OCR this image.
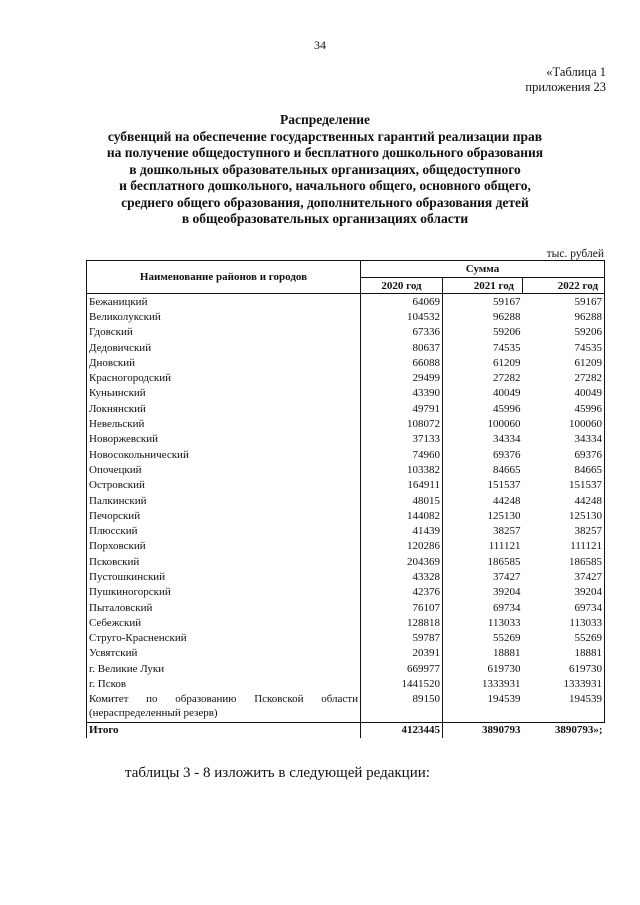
34
«Таблица 1
приложения 23
Распределение
субвенций на обеспечение государственных гарантий реализации прав
на получение общедоступного и бесплатного дошкольного образования
в дошкольных образовательных организациях, общедоступного
и бесплатного дошкольного, начального общего, основного общего,
среднего общего образования, дополнительного образования детей
в общеобразовательных организациях области
тыс. рублей
Наименование районов и городов	Сумма		
	2020 год	2021 год	2022 год
Бежаницкий	64069	59167	59167
Великолукский	104532	96288	96288
Гдовский	67336	59206	59206
Дедовичский	80637	74535	74535
Дновский	66088	61209	61209
Красногородский	29499	27282	27282
Куньинский	43390	40049	40049
Локнянский	49791	45996	45996
Невельский	108072	100060	100060
Новоржевский	37133	34334	34334
Новосокольнический	74960	69376	69376
Опочецкий	103382	84665	84665
Островский	164911	151537	151537
Палкинский	48015	44248	44248
Печорский	144082	125130	125130
Плюсский	41439	38257	38257
Порховский	120286	111121	111121
Псковский	204369	186585	186585
Пустошкинский	43328	37427	37427
Пушкиногорский	42376	39204	39204
Пыталовский	76107	69734	69734
Себежский	128818	113033	113033
Струго-Красненский	59787	55269	55269
Усвятский	20391	18881	18881
г. Великие Луки	669977	619730	619730
г. Псков	1441520	1333931	1333931
Комитет по образованию Псковской области (нераспределенный резерв)	89150	194539	194539
Итого	4123445	3890793	3890793»;
таблицы 3 - 8 изложить в следующей редакции:
